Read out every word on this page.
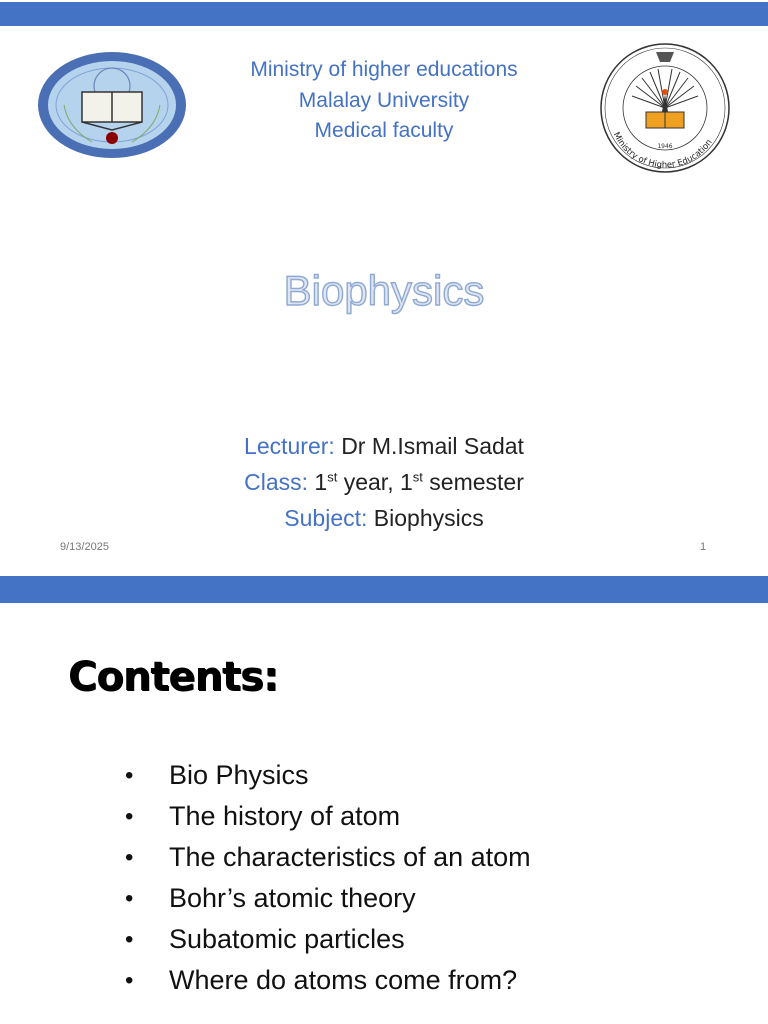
Ministry of higher educations
Malalay University
Medical faculty	Ministry of Higher Education
1946
Biophysics
Lecturer: Dr M.Ismail Sadat
Class: 1st year, 1st semester
Subject: Biophysics
9/13/2025	1
Contents:
• Bio Physics
• The history of atom
• The characteristics of an atom
• Bohr’s atomic theory
• Subatomic particles
• Where do atoms come from?
